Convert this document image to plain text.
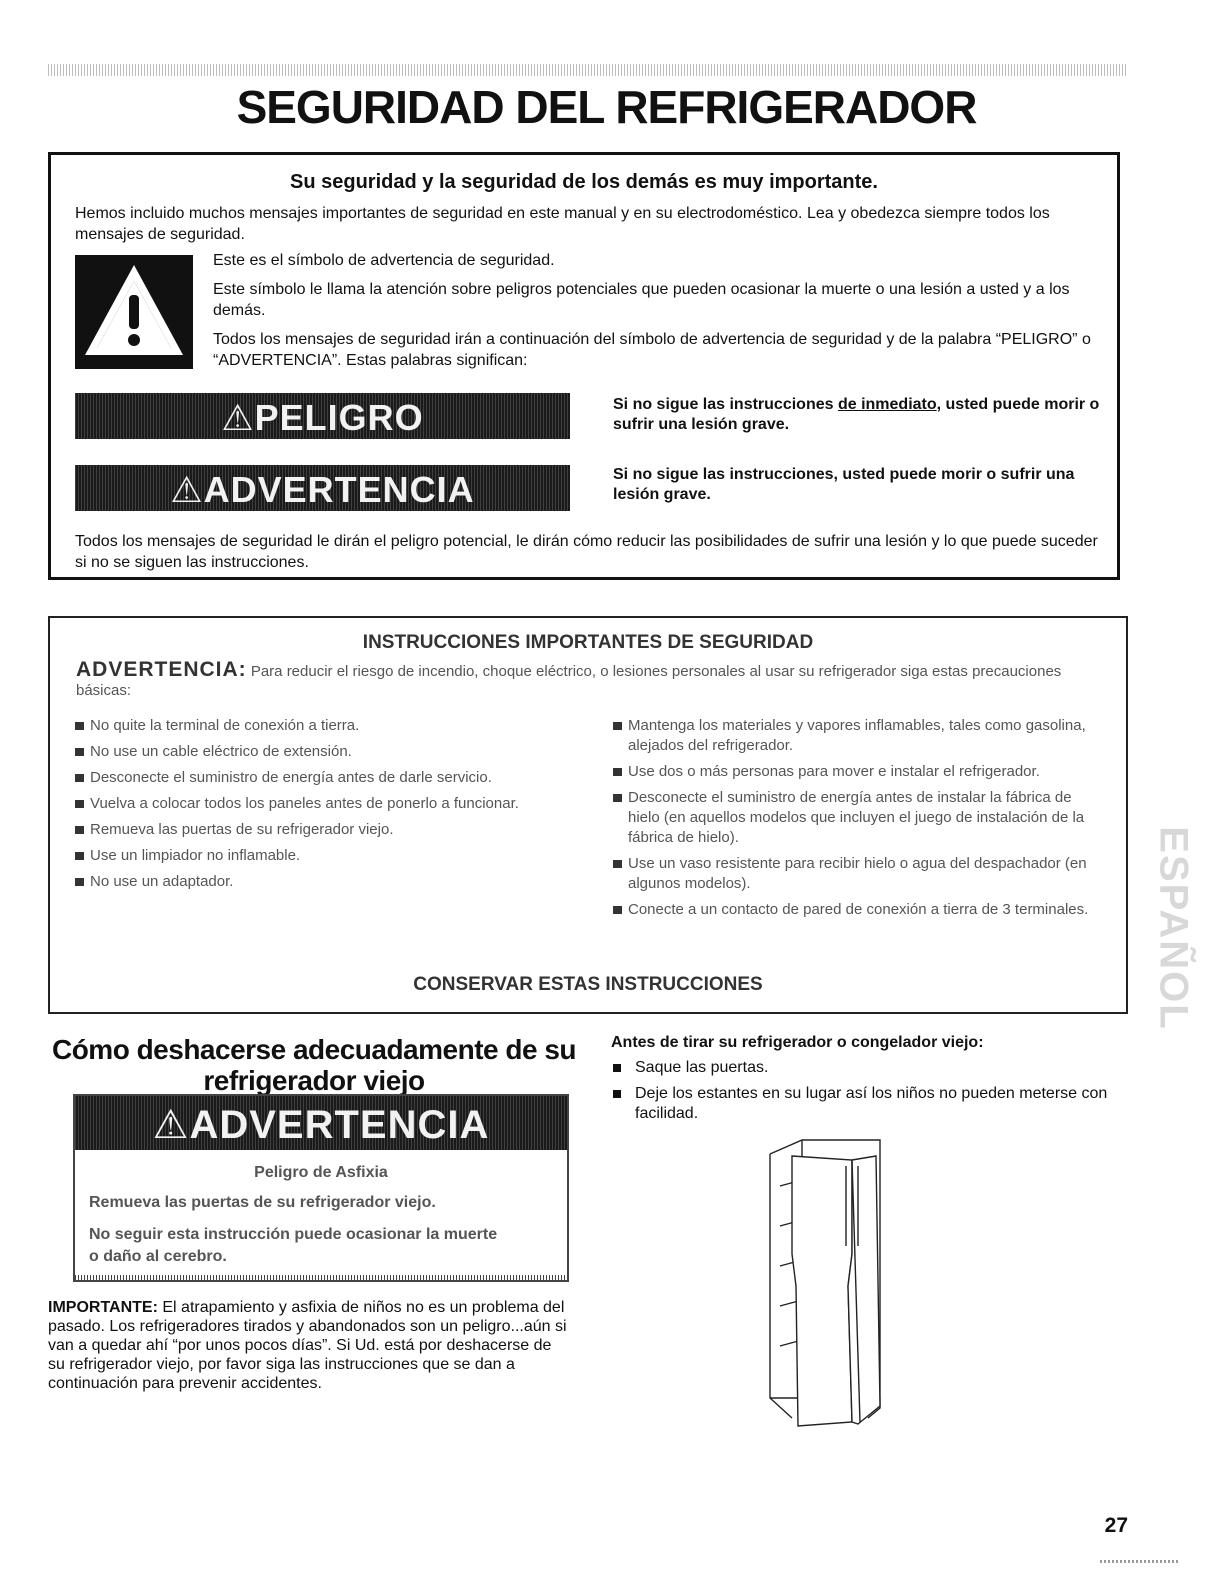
SEGURIDAD DEL REFRIGERADOR
Su seguridad y la seguridad de los demás es muy importante.
Hemos incluido muchos mensajes importantes de seguridad en este manual y en su electrodoméstico. Lea y obedezca siempre todos los mensajes de seguridad.
Este es el símbolo de advertencia de seguridad.
Este símbolo le llama la atención sobre peligros potenciales que pueden ocasionar la muerte o una lesión a usted y a los demás.
Todos los mensajes de seguridad irán a continuación del símbolo de advertencia de seguridad y de la palabra “PELIGRO” o “ADVERTENCIA”. Estas palabras significan:
⚠PELIGRO	Si no sigue las instrucciones de inmediato, usted puede morir o sufrir una lesión grave.
⚠ADVERTENCIA	Si no sigue las instrucciones, usted puede morir o sufrir una lesión grave.
Todos los mensajes de seguridad le dirán el peligro potencial, le dirán cómo reducir las posibilidades de sufrir una lesión y lo que puede suceder si no se siguen las instrucciones.
INSTRUCCIONES IMPORTANTES DE SEGURIDAD
ADVERTENCIA: Para reducir el riesgo de incendio, choque eléctrico, o lesiones personales al usar su refrigerador siga estas precauciones básicas:
No quite la terminal de conexión a tierra.
No use un cable eléctrico de extensión.
Desconecte el suministro de energía antes de darle servicio.
Vuelva a colocar todos los paneles antes de ponerlo a funcionar.
Remueva las puertas de su refrigerador viejo.
Use un limpiador no inflamable.
No use un adaptador.
Mantenga los materiales y vapores inflamables, tales como gasolina, alejados del refrigerador.
Use dos o más personas para mover e instalar el refrigerador.
Desconecte el suministro de energía antes de instalar la fábrica de hielo (en aquellos modelos que incluyen el juego de instalación de la fábrica de hielo).
Use un vaso resistente para recibir hielo o agua del despachador (en algunos modelos).
Conecte a un contacto de pared de conexión a tierra de 3 terminales.
CONSERVAR ESTAS INSTRUCCIONES
Cómo deshacerse adecuadamente de su
refrigerador viejo
⚠ADVERTENCIA
Peligro de Asfixia
Remueva las puertas de su refrigerador viejo.
No seguir esta instrucción puede ocasionar la muerte
o daño al cerebro.
IMPORTANTE: El atrapamiento y asfixia de niños no es un problema del pasado. Los refrigeradores tirados y abandonados son un peligro...aún si van a quedar ahí “por unos pocos días”. Si Ud. está por deshacerse de su refrigerador viejo, por favor siga las instrucciones que se dan a continuación para prevenir accidentes.
Antes de tirar su refrigerador o congelador viejo:
Saque las puertas.
Deje los estantes en su lugar así los niños no pueden meterse con facilidad.
ESPAÑOL
27
